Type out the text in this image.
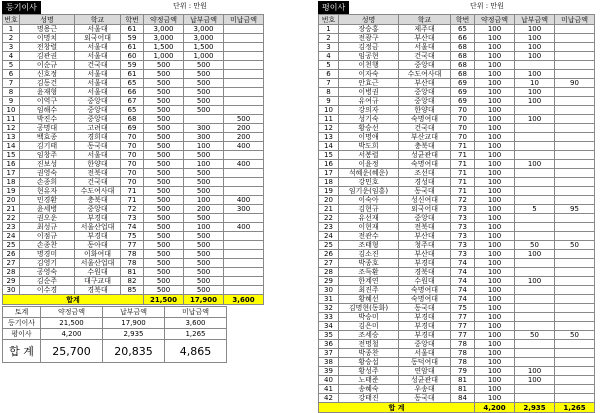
등기이사	단위 : 만원
번호	성명	학교	학번	약정금액	납부금액	미납금액
1	명용근	서울대	61	3,000	3,000	
2	이명치	외국어대	59	3,000	3,000	
3	전창렬	서울대	61	1,500	1,500	
4	김관권	서울대	60	1,000	1,000	
5	이순규	건국대	59	500	500	
6	신호정	서울대	61	500	500	
7	김동건	서울대	65	500	500	
8	윤재형	서울대	66	500	500	
9	이역구	중앙대	67	500	500	
10	임해수	중앙대	65	500	500	
11	박진수	중앙대	68	500		500
12	공명대	고려대	69	500	300	200
13	백효종	경희대	70	500	300	200
14	김기태	동국대	70	500	100	400
15	임창주	서울대	70	500	500	
16	진보성	한양대	70	500	100	400
17	권영숙	전북대	70	500	500	
18	손종희	건국대	70	500	500	
19	현유자	수도여사대	71	500	500	
20	민경환	충북대	71	500	100	400
21	윤세병	중앙대	72	500	200	300
22	권오운	부경대	73	500	500	
23	최성규	서울산업대	74	500	100	400
24	이점규	부경대	75	500	500	
25	손종찬	동아대	77	500	500	
26	명경미	이화여대	78	500	500	
27	김영기	서울산업대	78	500	500	
28	공영숙	수원대	81	500	500	
29	김순주	대구교대	82	500	500	
30	이수경	경북대	85	500	500	
합계				21,500	17,900	3,600
토계	약정금액	납부금액	미납금액
등기이사	21,500	17,900	3,600
평이사	4,200	2,935	1,265
합 계	25,700	20,835	4,865
평이사	단위 : 만원
번호	성명	학교	학번	약정금액	납부금액	미납금액
1	장승홍	제주대	65	100	100	
2	전광구	부산대	66	100	100	
3	김정금	서울대	68	100	100	
4	임공현	건국대	68	100	100	
5	이천행	중앙대	68	100		
6	이자숙	수도여사대	68	100	100	
7	안효근	부산대	69	100	10	90
8	이병권	중앙대	69	100	100	
9	유여규	중앙대	69	100	100	
10	강의자	한양대	70	100		
11	성기숙	숙명여대	70	100	100	
12	황승선	건국대	70	100		
13	이명애	부산교대	70	100		
14	박도희	충북대	71	100		
15	서봉렬	성균관대	71	100		
16	이윤정	숙명여대	71	100	100	
17	석혜운(혜운)	조선대	71	100		
18	강민호	경성대	71	100		
19	임기운(임흥)	동국대	71	100		
20	이숙아	성신여대	72	100		
21	김현규	외국어대	73	100	5	95
22	유선재	중앙대	73	100		
23	이현재	전북대	73	100		
24	전관수	부산대	73	100		
25	조태형	청주대	73	100	50	50
26	김소진	부산대	73	100	100	
27	박종호	부경대	74	100		
28	조득환	경북대	74	100		
29	한계연	수원대	74	100	100	
30	최진주	숙명여대	74	100		
31	황혜선	숙명여대	74	100		
32	김명현(동화)	동국대	75	100		
33	박승미	부경대	77	100		
34	김은미	부경대	77	100		
35	조세승	부경대	77	100	50	50
36	전명철	중앙대	78	100		
37	박종찬	서울대	78	100		
38	황승섭	동덕여대	78	100		
39	황성주	연암대	79	100	100	
40	노태준	성균관대	81	100	100	
41	송혜숙	우송대	81	100		
42	강태진	동국대	84	100		
합 계				4,200	2,935	1,265
